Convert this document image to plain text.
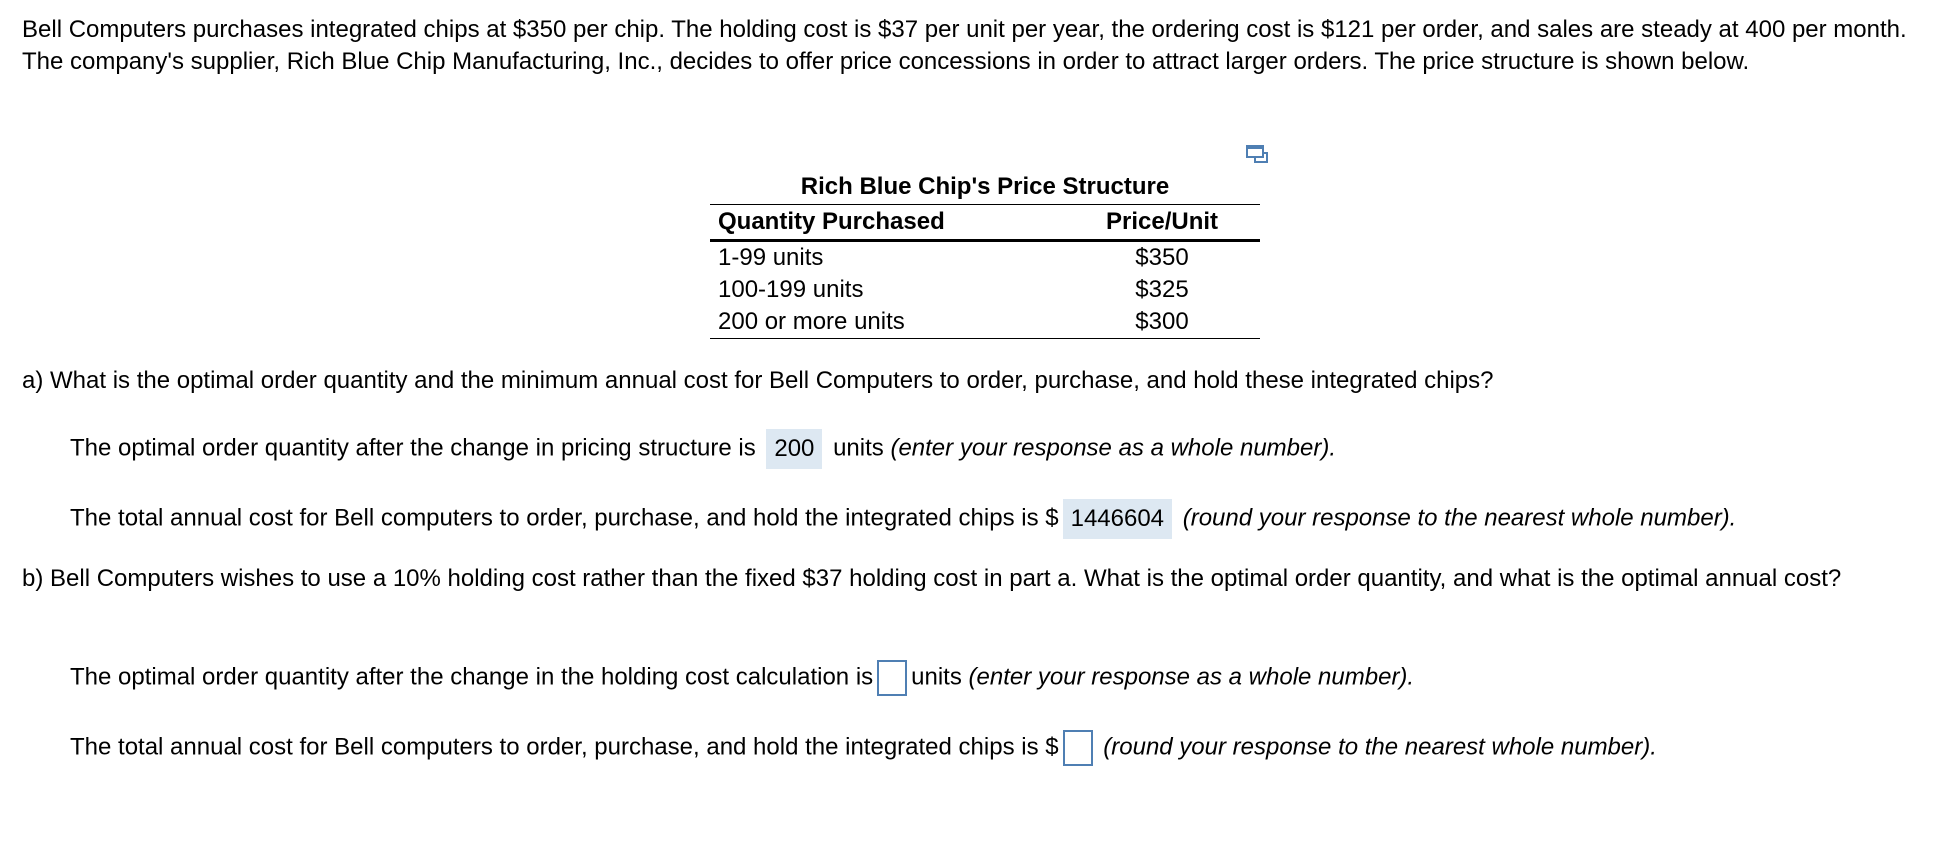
Bell Computers purchases integrated chips at $350 per chip. The holding cost is $37 per unit per year, the ordering cost is $121 per order, and sales are steady at 400 per month. The company's supplier, Rich Blue Chip Manufacturing, Inc., decides to offer price concessions in order to attract larger orders. The price structure is shown below.

Rich Blue Chip's Price Structure
Quantity Purchased	Price/Unit
1-99 units	$350
100-199 units	$325
200 or more units	$300

a) What is the optimal order quantity and the minimum annual cost for Bell Computers to order, purchase, and hold these integrated chips?

The optimal order quantity after the change in pricing structure is 200 units (enter your response as a whole number).

The total annual cost for Bell computers to order, purchase, and hold the integrated chips is $ 1446604 (round your response to the nearest whole number).

b) Bell Computers wishes to use a 10% holding cost rather than the fixed $37 holding cost in part a. What is the optimal order quantity, and what is the optimal annual cost?

The optimal order quantity after the change in the holding cost calculation is units (enter your response as a whole number).

The total annual cost for Bell computers to order, purchase, and hold the integrated chips is $ (round your response to the nearest whole number).
